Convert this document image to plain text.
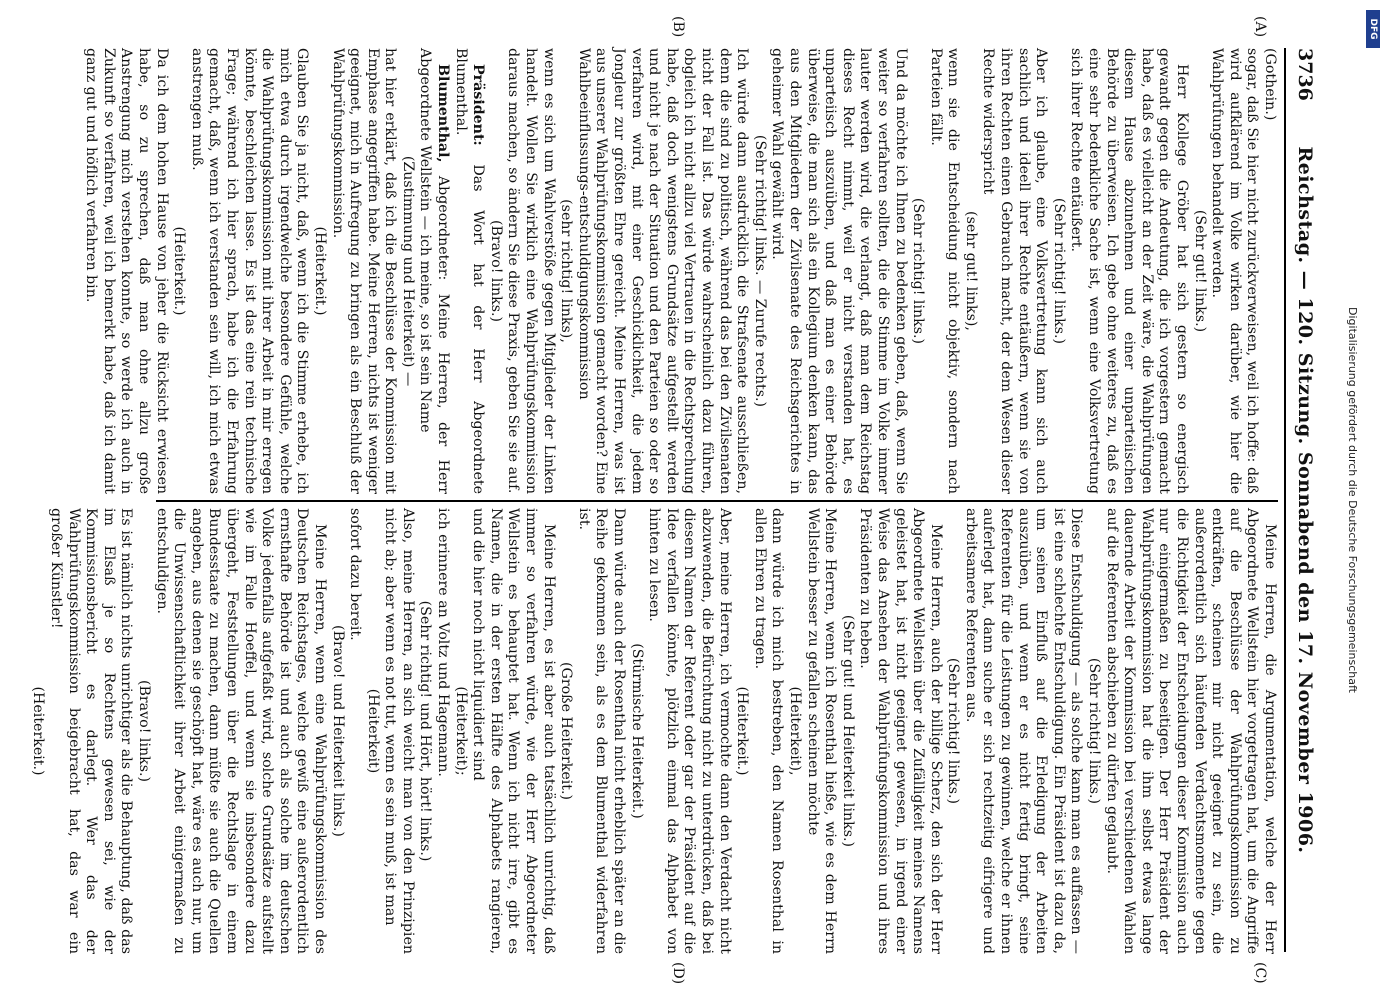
3736
Reichstag. — 120. Sitzung. Sonnabend den 17. November 1906.
(A)
(B)
(C)
(D)

(Gothein.)

sogar, daß Sie hier nicht zurückverweisen, weil ich hoffe: daß wird aufklärend im Volke wirken darüber, wie hier die Wahlprüfungen behandelt werden.

(Sehr gut! links.)

Herr Kollege Gröber hat sich gestern so energisch gewandt gegen die Andeutung, die ich vorgestern gemacht habe, daß es vielleicht an der Zeit wäre, die Wahlprüfungen diesem Hause abzunehmen und einer unparteiischen Behörde zu überweisen. Ich gebe ohne weiteres zu, daß es eine sehr bedenkliche Sache ist, wenn eine Volksvertretung sich ihrer Rechte entäußert.

(Sehr richtig! links.)

Aber ich glaube, eine Volksvertretung kann sich auch sachlich und ideell ihrer Rechte entäußern, wenn sie von ihren Rechten einen Gebrauch macht, der dem Wesen dieser Rechte widerspricht

(sehr gut! links),

wenn sie die Entscheidung nicht objektiv, sondern nach Parteien fällt.

(Sehr richtig! links.)

Und da möchte ich Ihnen zu bedenken geben, daß, wenn Sie weiter so verfahren sollten, die die Stimme im Volke immer lauter werden wird, die verlangt, daß man dem Reichstag dieses Recht nimmt, weil er nicht verstanden hat, es unparteiisch auszuüben, und daß man es einer Behörde überweise, die man sich als ein Kollegium denken kann, das aus den Mitgliedern der Zivilsenate des Reichsgerichtes in geheimer Wahl gewählt wird.

(Sehr richtig! links. — Zurufe rechts.)

Ich würde dann ausdrücklich die Strafsenate ausschließen, denn die sind zu politisch, während das bei den Zivilsenaten nicht der Fall ist. Das würde wahrscheinlich dazu führen, obgleich ich nicht allzu viel Vertrauen in die Rechtsprechung habe, daß doch wenigstens Grundsätze aufgestellt werden und nicht je nach der Situation und den Parteien so oder so verfahren wird, mit einer Geschicklichkeit, die jedem Jongleur zur größten Ehre gereicht. Meine Herren, was ist aus unserer Wahlprüfungskommission gemacht worden? Eine Wahlbeeinflussungs-entschuldigungskommission

(sehr richtig! links),

wenn es sich um Wahlverstöße gegen Mitglieder der Linken handelt. Wollen Sie wirklich eine Wahlprüfungskommission daraus machen, so ändern Sie diese Praxis, geben Sie sie auf.

(Bravo! links.)

Präsident: Das Wort hat der Herr Abgeordnete Blumenthal.

Blumenthal, Abgeordneter: Meine Herren, der Herr Abgeordnete Wellstein — ich meine, so ist sein Name

(Zustimmung und Heiterkeit) —

hat hier erklärt, daß ich die Beschlüsse der Kommission mit Emphase angegriffen habe. Meine Herren, nichts ist weniger geeignet, mich in Aufregung zu bringen als ein Beschluß der Wahlprüfungskommission.

(Heiterkeit.)

Glauben Sie ja nicht, daß, wenn ich die Stimme erhebe, ich mich etwa durch irgendwelche besondere Gefühle, welche die Wahlprüfungskommission mit ihrer Arbeit in mir erregen könnte, beschleichen lasse. Es ist das eine rein technische Frage; während ich hier sprach, habe ich die Erfahrung gemacht, daß, wenn ich verstanden sein will, ich mich etwas anstrengen muß.

(Heiterkeit.)

Da ich dem hohen Hause von jeher die Rücksicht erwiesen habe, so zu sprechen, daß man ohne allzu große Anstrengung mich verstehen konnte, so werde ich auch in Zukunft so verfahren, weil ich bemerkt habe, daß ich damit ganz gut und höflich verfahren bin.

Meine Herren, die Argumentation, welche der Herr Abgeordnete Wellstein hier vorgetragen hat, um die Angriffe auf die Beschlüsse der Wahlprüfungskommission zu entkräften, scheinen mir nicht geeignet zu sein, die außerordentlich sich häufenden Verdachtsmomente gegen die Richtigkeit der Entscheidungen dieser Kommission auch nur einigermaßen zu beseitigen. Der Herr Präsident der Wahlprüfungskommission hat die ihm selbst etwas lange dauernde Arbeit der Kommission bei verschiedenen Wahlen auf die Referenten abschieben zu dürfen geglaubt.

(Sehr richtig! links.)

Diese Entschuldigung — als solche kann man es auffassen — ist eine schlechte Entschuldigung. Ein Präsident ist dazu da, um seinen Einfluß auf die Erledigung der Arbeiten auszuüben, und wenn er es nicht fertig bringt, seine Referenten für die Leistungen zu gewinnen, welche er ihnen auferlegt hat, dann suche er sich rechtzeitig eifrigere und arbeitsamere Referenten aus.

(Sehr richtig! links.)

Meine Herren, auch der billige Scherz, den sich der Herr Abgeordnete Wellstein über die Zufälligkeit meines Namens geleistet hat, ist nicht geeignet gewesen, in irgend einer Weise das Ansehen der Wahlprüfungskommission und ihres Präsidenten zu heben.

(Sehr gut! und Heiterkeit links.)

Meine Herren, wenn ich Rosenthal hieße, wie es dem Herrn Wellstein besser zu gefallen scheinen möchte

(Heiterkeit),

dann würde ich mich bestreben, den Namen Rosenthal in allen Ehren zu tragen.

(Heiterkeit.)

Aber, meine Herren, ich vermochte dann den Verdacht nicht abzuwenden, die Befürchtung nicht zu unterdrücken, daß bei diesem Namen der Referent oder gar der Präsident auf die Idee verfallen könnte, plötzlich einmal das Alphabet von hinten zu lesen.

(Stürmische Heiterkeit.)

Dann würde auch der Rosenthal nicht erheblich später an die Reihe gekommen sein, als es dem Blumenthal widerfahren ist.

(Große Heiterkeit.)

Meine Herren, es ist aber auch tatsächlich unrichtig, daß immer so verfahren würde, wie der Herr Abgeordneter Wellstein es behauptet hat. Wenn ich nicht irre, gibt es Namen, die in der ersten Hälfte des Alphabets rangieren, und die hier noch nicht liquidiert sind

(Heiterkeit);

ich erinnere an Voltz und Hagemann.

(Sehr richtig! und Hört, hört! links.)

Also, meine Herren, an sich weicht man von den Prinzipien nicht ab; aber wenn es not tut, wenn es sein muß, ist man

(Heiterkeit)

sofort dazu bereit.

(Bravo! und Heiterkeit links.)

Meine Herren, wenn eine Wahlprüfungskommission des Deutschen Reichstages, welche gewiß eine außerordentlich ernsthafte Behörde ist und auch als solche im deutschen Volke jedenfalls aufgefaßt wird, solche Grundsätze aufstellt wie im Falle Hoeffel, und wenn sie insbesondere dazu übergeht, Feststellungen über die Rechtslage in einem Bundesstaate zu machen, dann müßte sie auch die Quellen angeben, aus denen sie geschöpft hat, wäre es auch nur, um die Unwissenschaftlichkeit ihrer Arbeit einigermaßen zu entschuldigen.

(Bravo! links.)

Es ist nämlich nichts unrichtiger als die Behauptung, daß das im Elsaß je so Rechtens gewesen sei, wie der Kommissionsbericht es darlegt. Wer das der Wahlprüfungskommission beigebracht hat, das war ein großer Künstler!

(Heiterkeit.)

Digitalisierung gefördert durch die Deutsche Forschungsgemeinschaft
DFG
